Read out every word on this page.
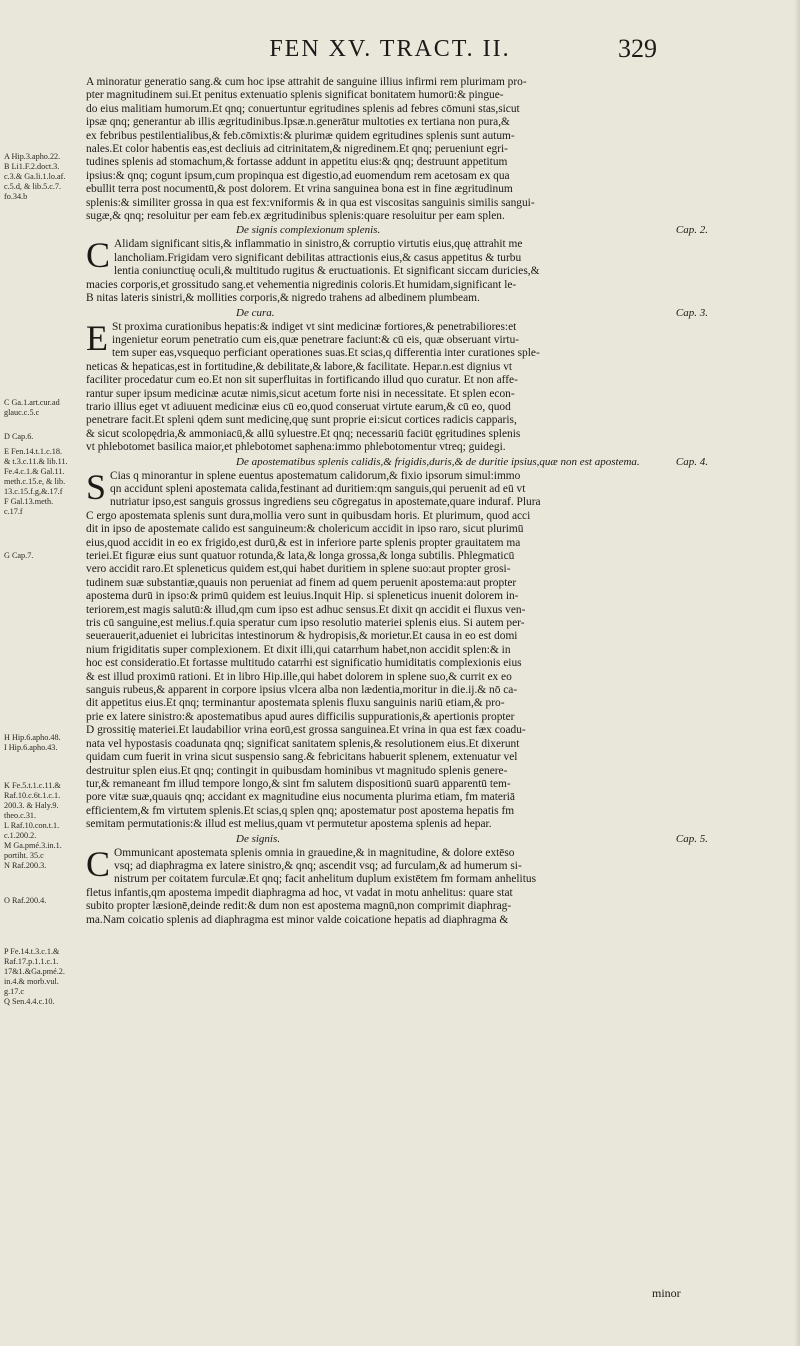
FEN XV. TRACT. II.	329
A Hip.3.apho.22.
B Li1.F.2.doct.3.
c.3.& Ga.li.1.lo.af.
c.5.d, & lib.5.c.7.
fo.34.b
C Ga.1.art.cur.ad
glauc.c.5.c
D Cap.6.
E Fen.14.t.1.c.18.
& t.3.c.11.& lib.11.
Fe.4.c.1.& Gal.11.
meth.c.15.e, & lib.
13.c.15.f.g,&.17.f
F Gal.13.meth.
c.17.f
G Cap.7.
H Hip.6.apho.48.
I Hip.6.apho.43.
K Fe.5.t.1.c.11.&
Raf.10.c.6t.1.c.1.
200.3. & Haly.9.
theo.c.31.
L Raf.10.con.t.1.
c.1.200.2.
M Ga.pmé.3.in.1.
portiht. 35.c
N Raf.200.3.
O Raf.200.4.
P Fe.14.t.3.c.1.&
Raf.17.p.1.1.c.1.
17&1.&Ga.pmé.2.
in.4.& morb.vul.
g.17.c
Q Sen.4.4.c.10.
A minoratur generatio sang.& cum hoc ipse attrahit de sanguine illius infirmi rem plurimam pro-
pter magnitudinem sui.Et penitus extenuatio splenis significat bonitatem humorū:& pingue-
do eius malitiam humorum.Et qnq; conuertuntur egritudines splenis ad febres cōmuni stas,sicut
ipsæ qnq; generantur ab illis ægritudinibus.Ipsæ.n.generātur multoties ex tertiana non pura,&
ex febribus pestilentialibus,& feb.cōmixtis:& plurimæ quidem egritudines splenis sunt autum-
nales.Et color habentis eas,est decliuis ad citrinitatem,& nigredinem.Et qnq; perueniunt egri-
tudines splenis ad stomachum,& fortasse addunt in appetitu eius:& qnq; destruunt appetitum
ipsius:& qnq; cogunt ipsum,cum propinqua est digestio,ad euomendum rem acetosam ex qua
ebullit terra post nocumentū,& post dolorem. Et vrina sanguinea bona est in fine ægritudinum
splenis:& similiter grossa in qua est fex:vniformis & in qua est viscositas sanguinis similis sangui-
sugæ,& qnq; resoluitur per eam feb.ex ægritudinibus splenis:quare resoluitur per eam splen.
De signis complexionum splenis.	Cap. 2.
C Alidam significant sitis,& inflammatio in sinistro,& corruptio virtutis eius,quę attrahit me
lancholiam.Frigidam vero significant debilitas attractionis eius,& casus appetitus & turbu
lentia coniunctiuę oculi,& multitudo rugitus & eructuationis. Et significant siccam duricies,&
macies corporis,et grossitudo sang.et vehementia nigredinis coloris.Et humidam,significant le-
B nitas lateris sinistri,& mollities corporis,& nigredo trahens ad albedinem plumbeam.
De cura.	Cap. 3.
E St proxima curationibus hepatis:& indiget vt sint medicinæ fortiores,& penetrabiliores:et
ingenietur eorum penetratio cum eis,quæ penetrare faciunt:& cū eis, quæ obseruant virtu-
tem super eas,vsquequo perficiant operationes suas.Et scias,q differentia inter curationes sple-
neticas & hepaticas,est in fortitudine,& debilitate,& labore,& facilitate. Hepar.n.est dignius vt
faciliter procedatur cum eo.Et non sit superfluitas in fortificando illud quo curatur. Et non affe-
rantur super ipsum medicinæ acutæ nimis,sicut acetum forte nisi in necessitate. Et splen econ-
trario illius eget vt adiuuent medicinæ eius cū eo,quod conseruat virtute earum,& cū eo, quod
penetrare facit.Et spleni qdem sunt medicinę,quę sunt proprie ei:sicut cortices radicis capparis,
& sicut scolopędria,& ammoniacū,& allū syluestre.Et qnq; necessariū faciūt ęgritudines splenis
vt phlebotomet basilica maior,et phlebotomet saphena:immo phlebotomentur vtreq; guidegi.
De apostematibus splenis calidis,& frigidis,duris,& de duritie ipsius,quæ non est apostema.	Cap. 4.
S Cias q minorantur in splene euentus apostematum calidorum,& fixio ipsorum simul:immo
qn accidunt spleni apostemata calida,festinant ad duritiem:qm sanguis,qui peruenit ad eū vt
nutriatur ipso,est sanguis grossus ingrediens seu cōgregatus in apostemate,quare induraf. Plura
C ergo apostemata splenis sunt dura,mollia vero sunt in quibusdam horis. Et plurimum, quod acci
dit in ipso de apostemate calido est sanguineum:& cholericum accidit in ipso raro, sicut plurimū
eius,quod accidit in eo ex frigido,est durū,& est in inferiore parte splenis propter grauitatem ma
teriei.Et figuræ eius sunt quatuor rotunda,& lata,& longa grossa,& longa subtilis. Phlegmaticū
vero accidit raro.Et spleneticus quidem est,qui habet duritiem in splene suo:aut propter grosi-
tudinem suæ substantiæ,quauis non perueniat ad finem ad quem peruenit apostema:aut propter
apostema durū in ipso:& primū quidem est leuius.Inquit Hip. si spleneticus inuenit dolorem in-
teriorem,est magis salutū:& illud,qm cum ipso est adhuc sensus.Et dixit qn accidit ei fluxus ven-
tris cū sanguine,est melius.f.quia speratur cum ipso resolutio materiei splenis eius. Si autem per-
seuerauerit,adueniet ei lubricitas intestinorum & hydropisis,& morietur.Et causa in eo est domi
nium frigiditatis super complexionem. Et dixit illi,qui catarrhum habet,non accidit splen:& in
hoc est consideratio.Et fortasse multitudo catarrhi est significatio humiditatis complexionis eius
& est illud proximū rationi. Et in libro Hip.ille,qui habet dolorem in splene suo,& currit ex eo
sanguis rubeus,& apparent in corpore ipsius vlcera alba non lædentia,moritur in die.ij.& nō ca-
dit appetitus eius.Et qnq; terminantur apostemata splenis fluxu sanguinis nariū etiam,& pro-
prie ex latere sinistro:& apostematibus apud aures difficilis suppurationis,& apertionis propter
D grossitię materiei.Et laudabilior vrina eorū,est grossa sanguinea.Et vrina in qua est fæx coadu-
nata vel hypostasis coadunata qnq; significat sanitatem splenis,& resolutionem eius.Et dixerunt
quidam cum fuerit in vrina sicut suspensio sang.& febricitans habuerit splenem, extenuatur vel
destruitur splen eius.Et qnq; contingit in quibusdam hominibus vt magnitudo splenis genere-
tur,& remaneant fm illud tempore longo,& sint fm salutem dispositionū suarū apparentū tem-
pore vitæ suæ,quauis qnq; accidant ex magnitudine eius nocumenta plurima etiam, fm materiā
efficientem,& fm virtutem splenis.Et scias,q splen qnq; apostematur post apostema hepatis fm
semitam permutationis:& illud est melius,quam vt permutetur apostema splenis ad hepar.
De signis.	Cap. 5.
C Ommunicant apostemata splenis omnia in grauedine,& in magnitudine, & dolore extēso
vsq; ad diaphragma ex latere sinistro,& qnq; ascendit vsq; ad furculam,& ad humerum si-
nistrum per coitatem furculæ.Et qnq; facit anhelitum duplum existētem fm formam anhelitus
fletus infantis,qm apostema impedit diaphragma ad hoc, vt vadat in motu anhelitus: quare stat
subito propter læsionē,deinde redit:& dum non est apostema magnū,non comprimit diaphrag-
ma.Nam coicatio splenis ad diaphragma est minor valde coicatione hepatis ad diaphragma &
minor
